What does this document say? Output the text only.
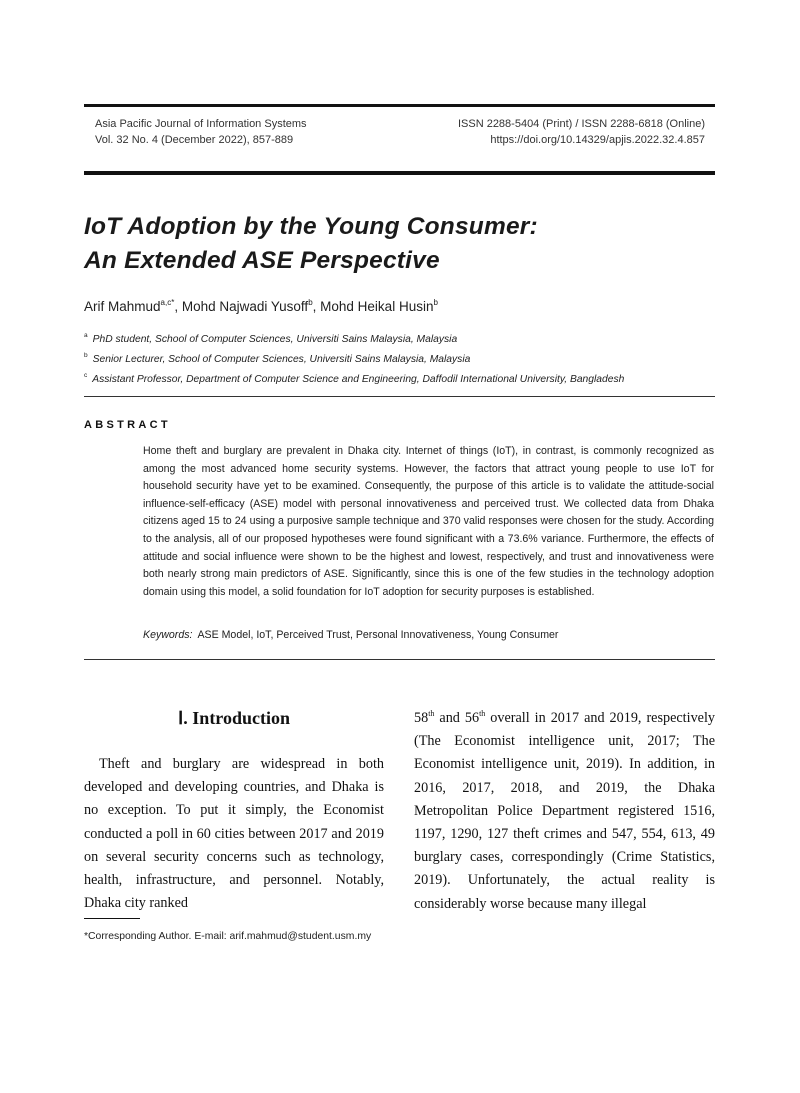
Asia Pacific Journal of Information Systems
Vol. 32 No. 4 (December 2022), 857-889
ISSN 2288-5404 (Print) / ISSN 2288-6818 (Online)
https://doi.org/10.14329/apjis.2022.32.4.857
IoT Adoption by the Young Consumer:
An Extended ASE Perspective
Arif Mahmud$^{a,c*}$, Mohd Najwadi Yusoff$^b$, Mohd Heikal Husin$^b$
$^a$ PhD student, School of Computer Sciences, Universiti Sains Malaysia, Malaysia
$^b$ Senior Lecturer, School of Computer Sciences, Universiti Sains Malaysia, Malaysia
$^c$ Assistant Professor, Department of Computer Science and Engineering, Daffodil International University, Bangladesh
ABSTRACT
Home theft and burglary are prevalent in Dhaka city. Internet of things (IoT), in contrast, is commonly recognized as among the most advanced home security systems. However, the factors that attract young people to use IoT for household security have yet to be examined. Consequently, the purpose of this article is to validate the attitude-social influence-self-efficacy (ASE) model with personal innovativeness and perceived trust. We collected data from Dhaka citizens aged 15 to 24 using a purposive sample technique and 370 valid responses were chosen for the study. According to the analysis, all of our proposed hypotheses were found significant with a 73.6% variance. Furthermore, the effects of attitude and social influence were shown to be the highest and lowest, respectively, and trust and innovativeness were both nearly strong main predictors of ASE. Significantly, since this is one of the few studies in the technology adoption domain using this model, a solid foundation for IoT adoption for security purposes is established.
Keywords: ASE Model, IoT, Perceived Trust, Personal Innovativeness, Young Consumer
Ⅰ. Introduction

Theft and burglary are widespread in both developed and developing countries, and Dhaka is no exception. To put it simply, the Economist conducted a poll in 60 cities between 2017 and 2019 on several security concerns such as technology, health, infrastructure, and personnel. Notably, Dhaka city ranked

58th and 56th overall in 2017 and 2019, respectively (The Economist intelligence unit, 2017; The Economist intelligence unit, 2019). In addition, in 2016, 2017, 2018, and 2019, the Dhaka Metropolitan Police Department registered 1516, 1197, 1290, 127 theft crimes and 547, 554, 613, 49 burglary cases, correspondingly (Crime Statistics, 2019). Unfortunately, the actual reality is considerably worse because many illegal

*Corresponding Author. E-mail: arif.mahmud@student.usm.my
